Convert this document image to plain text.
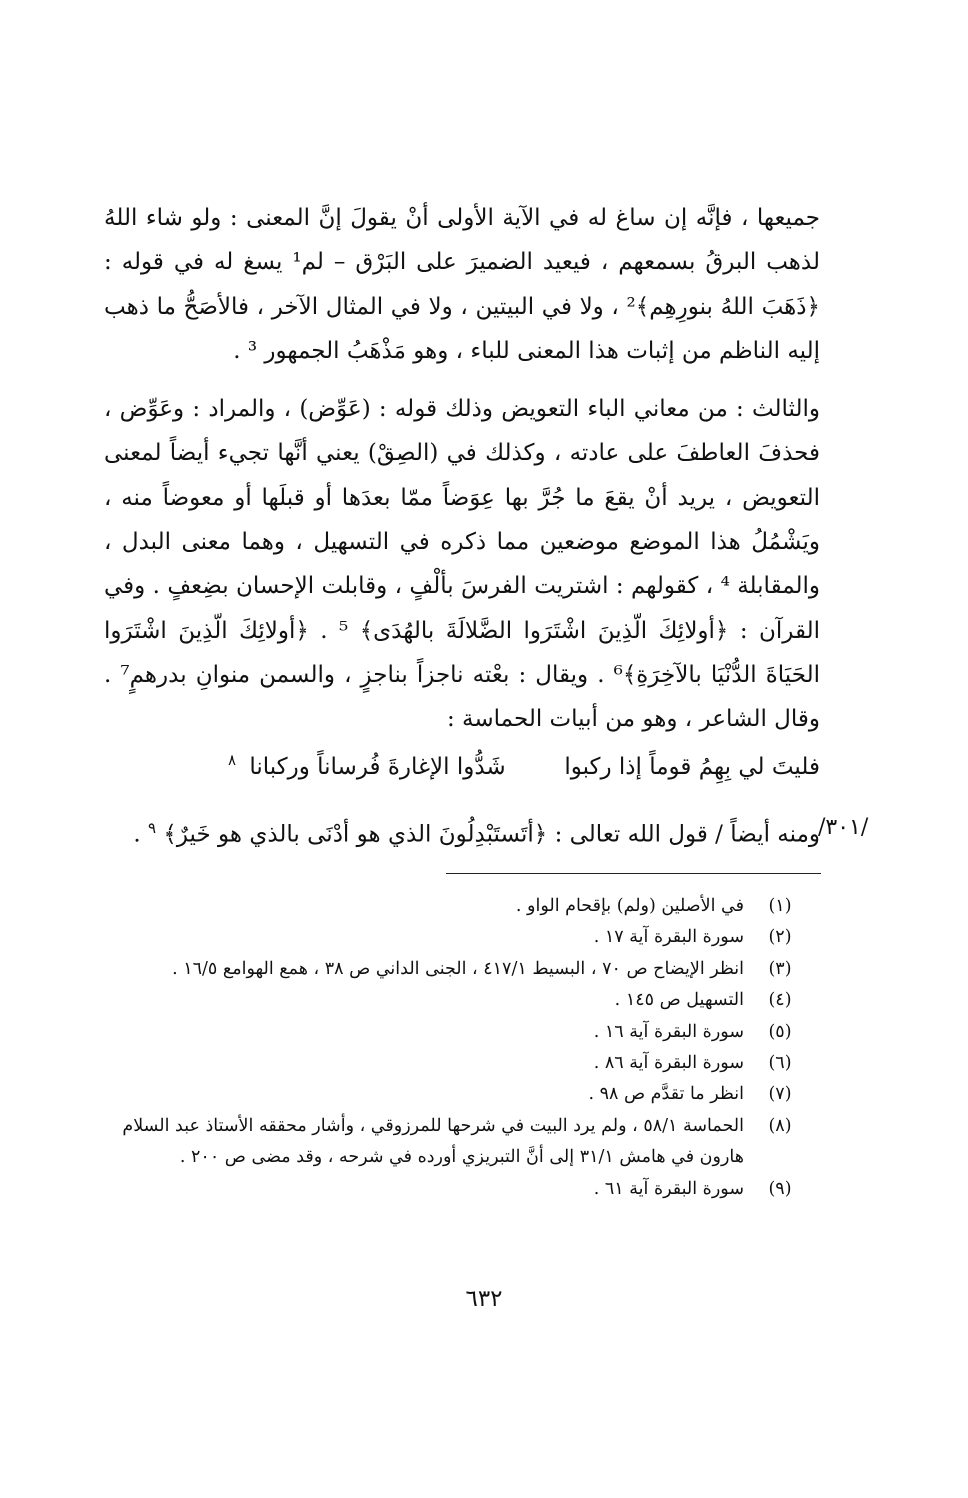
جميعها ، فإنَّه إن ساغ له في الآية الأولى أنْ يقولَ إنَّ المعنى : ولو شاء اللهُ لذهب البرقُ بسمعهم ، فيعيد الضميرَ على البَرْق – لم¹ يسغ له في قوله : ﴿ذَهَبَ اللهُ بنورِهِم﴾² ، ولا في البيتين ، ولا في المثال الآخر ، فالأصَحُّ ما ذهب إليه الناظم من إثبات هذا المعنى للباء ، وهو مَذْهَبُ الجمهور ³ .

والثالث : من معاني الباء التعويض وذلك قوله : (عَوِّض) ، والمراد : وعَوِّض ، فحذفَ العاطفَ على عادته ، وكذلك في (الصِقْ) يعني أنَّها تجيء أيضاً لمعنى التعويض ، يريد أنْ يقعَ ما جُرَّ بها عِوَضاً ممّا بعدَها أو قبلَها أو معوضاً منه ، ويَشْمُلُ هذا الموضع موضعين مما ذكره في التسهيل ، وهما معنى البدل ، والمقابلة ⁴ ، كقولهم : اشتريت الفرسَ بألْفٍ ، وقابلت الإحسان بضِعفٍ . وفي القرآن : ﴿أولائِكَ الّذِينَ اشْتَرَوا الضَّلالَةَ بالهُدَى﴾ ⁵ . ﴿أولائِكَ الّذِينَ اشْتَرَوا الحَيَاةَ الدُّنْيَا بالآخِرَةِ﴾⁶ . ويقال : بعْته ناجزاً بناجزٍ ، والسمن منوانِ بدرهمٍ⁷ . وقال الشاعر ، وهو من أبيات الحماسة :

فليتَ لي بِهِمُ قوماً إذا ركبوا  شَدُّوا الإغارةَ فُرساناً وركبانا $^٨$
/٣٠١/
ومنه أيضاً / قول الله تعالى : ﴿أتَستَبْدِلُونَ الذي هو أدْنَى بالذي هو خَيرٌ﴾ $^٩$ .
(١)
في الأصلين (ولم) بإقحام الواو .
(٢)
سورة البقرة آية ١٧ .
(٣)
انظر الإيضاح ص ٧٠ ، البسيط ٤١٧/١ ، الجنى الداني ص ٣٨ ، همع الهوامع ١٦/٥ .
(٤)
التسهيل ص ١٤٥ .
(٥)
سورة البقرة آية ١٦ .
(٦)
سورة البقرة آية ٨٦ .
(٧)
انظر ما تقدَّم ص ٩٨ .
(٨)
الحماسة ٥٨/١ ، ولم يرد البيت في شرحها للمرزوقي ، وأشار محققه الأستاذ عبد السلام هارون في هامش ٣١/١ إلى أنَّ التبريزي أورده في شرحه ، وقد مضى ص ٢٠٠ .
(٩)
سورة البقرة آية ٦١ .
٦٣٢
